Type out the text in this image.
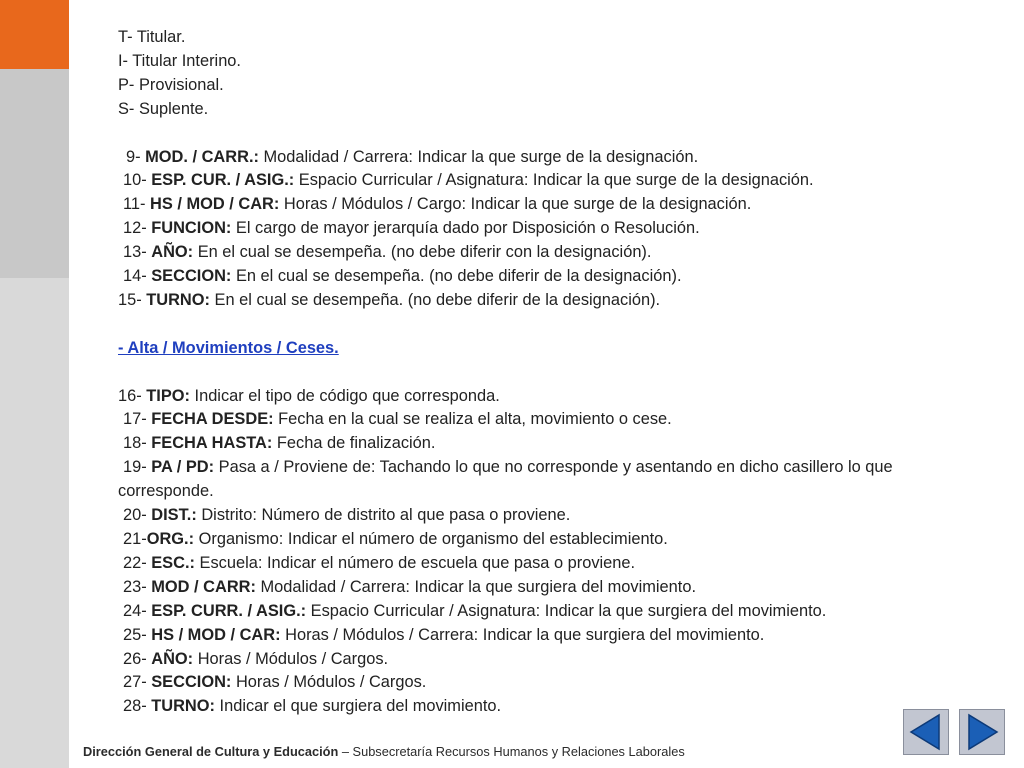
T- Titular.
I- Titular Interino.
P- Provisional.
S- Suplente.
9- MOD. / CARR.: Modalidad / Carrera: Indicar la que surge de la designación.
10- ESP. CUR. / ASIG.: Espacio Curricular / Asignatura: Indicar la que surge de la designación.
11- HS / MOD / CAR: Horas / Módulos / Cargo: Indicar la que surge de la designación.
12- FUNCION: El cargo de mayor jerarquía dado por Disposición o Resolución.
13- AÑO: En el cual se desempeña. (no debe diferir con la designación).
14- SECCION: En el cual se desempeña. (no debe diferir de la designación).
15- TURNO: En el cual se desempeña. (no debe diferir de la designación).
- Alta / Movimientos / Ceses.
16- TIPO: Indicar el tipo de código que corresponda.
17- FECHA DESDE: Fecha en la cual se realiza el alta, movimiento o cese.
18- FECHA HASTA: Fecha de finalización.
19- PA / PD: Pasa a / Proviene de: Tachando lo que no corresponde y asentando en dicho casillero lo que corresponde.
20- DIST.: Distrito: Número de distrito al que pasa o proviene.
21-ORG.: Organismo: Indicar el número de organismo del establecimiento.
22- ESC.: Escuela: Indicar el número de escuela que pasa o proviene.
23- MOD / CARR: Modalidad / Carrera: Indicar la que surgiera del movimiento.
24- ESP. CURR. / ASIG.: Espacio Curricular / Asignatura: Indicar la que surgiera del movimiento.
25- HS / MOD / CAR: Horas / Módulos / Carrera: Indicar la que surgiera del movimiento.
26- AÑO: Horas / Módulos / Cargos.
27- SECCION: Horas / Módulos / Cargos.
28- TURNO: Indicar el que surgiera del movimiento.
Dirección General de Cultura y Educación – Subsecretaría Recursos Humanos y Relaciones Laborales
